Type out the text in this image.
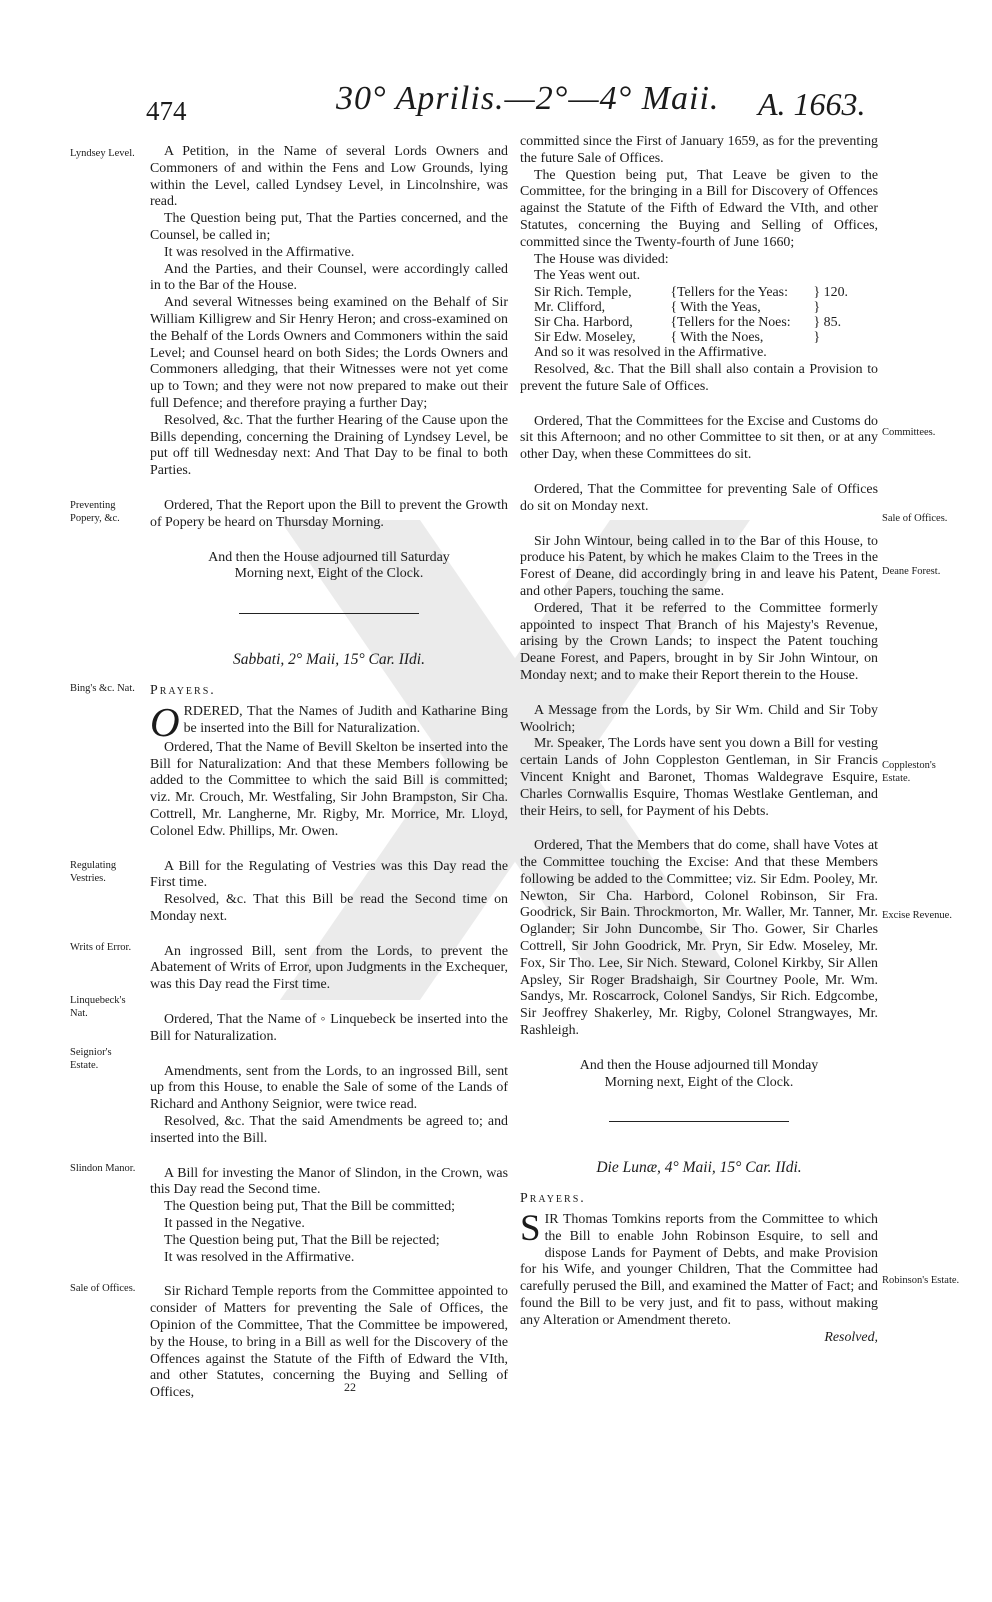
474	30° Aprilis.—2°—4° Maii. A. 1663.
Lyndsey Level.
Preventing Popery, &c.
Bing's &c. Nat.
Regulating Vestries.
Writs of Error.
Linquebeck's Nat.
Seignior's Estate.
Slindon Manor.
Sale of Offices.
Committees.
Sale of Offices.
Deane Forest.
Coppleston's Estate.
Excise Revenue.
Robinson's Estate.

A Petition, in the Name of several Lords Owners and Commoners of and within the Fens and Low Grounds, lying within the Level, called Lyndsey Level, in Lincolnshire, was read.

The Question being put, That the Parties concerned, and the Counsel, be called in;

It was resolved in the Affirmative.

And the Parties, and their Counsel, were accordingly called in to the Bar of the House.

And several Witnesses being examined on the Behalf of Sir William Killigrew and Sir Henry Heron; and cross-examined on the Behalf of the Lords Owners and Commoners within the said Level; and Counsel heard on both Sides; the Lords Owners and Commoners alledging, that their Witnesses were not yet come up to Town; and they were not now prepared to make out their full Defence; and therefore praying a further Day;

Resolved, &c. That the further Hearing of the Cause upon the Bills depending, concerning the Draining of Lyndsey Level, be put off till Wednesday next: And That Day to be final to both Parties.

Ordered, That the Report upon the Bill to prevent the Growth of Popery be heard on Thursday Morning.

And then the House adjourned till Saturday Morning next, Eight of the Clock.

Sabbati, 2° Maii, 15° Car. IIdi.

Prayers.

ORDERED, That the Names of Judith and Katharine Bing be inserted into the Bill for Naturalization.

Ordered, That the Name of Bevill Skelton be inserted into the Bill for Naturalization: And that these Members following be added to the Committee to which the said Bill is committed; viz. Mr. Crouch, Mr. Westfaling, Sir John Brampston, Sir Cha. Cottrell, Mr. Langherne, Mr. Rigby, Mr. Morrice, Mr. Lloyd, Colonel Edw. Phillips, Mr. Owen.

A Bill for the Regulating of Vestries was this Day read the First time.

Resolved, &c. That this Bill be read the Second time on Monday next.

An ingrossed Bill, sent from the Lords, to prevent the Abatement of Writs of Error, upon Judgments in the Exchequer, was this Day read the First time.

Ordered, That the Name of ◦ Linquebeck be inserted into the Bill for Naturalization.

Amendments, sent from the Lords, to an ingrossed Bill, sent up from this House, to enable the Sale of some of the Lands of Richard and Anthony Seignior, were twice read.

Resolved, &c. That the said Amendments be agreed to; and inserted into the Bill.

A Bill for investing the Manor of Slindon, in the Crown, was this Day read the Second time.

The Question being put, That the Bill be committed;

It passed in the Negative.

The Question being put, That the Bill be rejected;

It was resolved in the Affirmative.

Sir Richard Temple reports from the Committee appointed to consider of Matters for preventing the Sale of Offices, the Opinion of the Committee, That the Committee be impowered, by the House, to bring in a Bill as well for the Discovery of the Offences against the Statute of the Fifth of Edward the VIth, and other Statutes, concerning the Buying and Selling of Offices,

committed since the First of January 1659, as for the preventing the future Sale of Offices.

The Question being put, That Leave be given to the Committee, for the bringing in a Bill for Discovery of Offences against the Statute of the Fifth of Edward the VIth, and other Statutes, concerning the Buying and Selling of Offices, committed since the Twenty-fourth of June 1660;

The House was divided:

The Yeas went out.

Sir Rich. Temple,	{Tellers for the Yeas:	} 120.
Mr. Clifford,	{ With the Yeas,	}
Sir Cha. Harbord,	{Tellers for the Noes:	} 85.
Sir Edw. Moseley,	{ With the Noes,	}

And so it was resolved in the Affirmative.

Resolved, &c. That the Bill shall also contain a Provision to prevent the future Sale of Offices.

Ordered, That the Committees for the Excise and Customs do sit this Afternoon; and no other Committee to sit then, or at any other Day, when these Committees do sit.

Ordered, That the Committee for preventing Sale of Offices do sit on Monday next.

Sir John Wintour, being called in to the Bar of this House, to produce his Patent, by which he makes Claim to the Trees in the Forest of Deane, did accordingly bring in and leave his Patent, and other Papers, touching the same.

Ordered, That it be referred to the Committee formerly appointed to inspect That Branch of his Majesty's Revenue, arising by the Crown Lands; to inspect the Patent touching Deane Forest, and Papers, brought in by Sir John Wintour, on Monday next; and to make their Report therein to the House.

A Message from the Lords, by Sir Wm. Child and Sir Toby Woolrich;

Mr. Speaker, The Lords have sent you down a Bill for vesting certain Lands of John Coppleston Gentleman, in Sir Francis Vincent Knight and Baronet, Thomas Waldegrave Esquire, Charles Cornwallis Esquire, Thomas Westlake Gentleman, and their Heirs, to sell, for Payment of his Debts.

Ordered, That the Members that do come, shall have Votes at the Committee touching the Excise: And that these Members following be added to the Committee; viz. Sir Edm. Pooley, Mr. Newton, Sir Cha. Harbord, Colonel Robinson, Sir Fra. Goodrick, Sir Bain. Throckmorton, Mr. Waller, Mr. Tanner, Mr. Oglander; Sir John Duncombe, Sir Tho. Gower, Sir Charles Cottrell, Sir John Goodrick, Mr. Pryn, Sir Edw. Moseley, Mr. Fox, Sir Tho. Lee, Sir Nich. Steward, Colonel Kirkby, Sir Allen Apsley, Sir Roger Bradshaigh, Sir Courtney Poole, Mr. Wm. Sandys, Mr. Roscarrock, Colonel Sandys, Sir Rich. Edgcombe, Sir Jeoffrey Shakerley, Mr. Rigby, Colonel Strangwayes, Mr. Rashleigh.

And then the House adjourned till Monday Morning next, Eight of the Clock.

Die Lunæ, 4° Maii, 15° Car. IIdi.

Prayers.

SIR Thomas Tomkins reports from the Committee to which the Bill to enable John Robinson Esquire, to sell and dispose Lands for Payment of Debts, and make Provision for his Wife, and younger Children, That the Committee had carefully perused the Bill, and examined the Matter of Fact; and found the Bill to be very just, and fit to pass, without making any Alteration or Amendment thereto.

Resolved,

22
